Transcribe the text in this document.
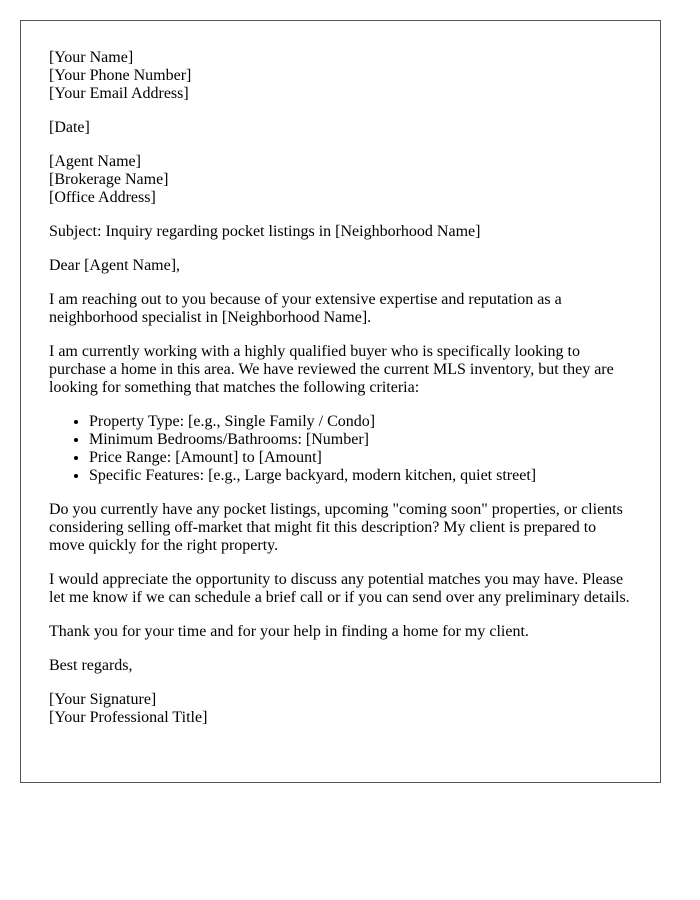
[Your Name]
[Your Phone Number]
[Your Email Address]

[Date]

[Agent Name]
[Brokerage Name]
[Office Address]

Subject: Inquiry regarding pocket listings in [Neighborhood Name]

Dear [Agent Name],

I am reaching out to you because of your extensive expertise and reputation as a neighborhood specialist in [Neighborhood Name].

I am currently working with a highly qualified buyer who is specifically looking to purchase a home in this area. We have reviewed the current MLS inventory, but they are looking for something that matches the following criteria:

• Property Type: [e.g., Single Family / Condo]
• Minimum Bedrooms/Bathrooms: [Number]
• Price Range: [Amount] to [Amount]
• Specific Features: [e.g., Large backyard, modern kitchen, quiet street]

Do you currently have any pocket listings, upcoming "coming soon" properties, or clients considering selling off-market that might fit this description? My client is prepared to move quickly for the right property.

I would appreciate the opportunity to discuss any potential matches you may have. Please let me know if we can schedule a brief call or if you can send over any preliminary details.

Thank you for your time and for your help in finding a home for my client.

Best regards,

[Your Signature]
[Your Professional Title]
